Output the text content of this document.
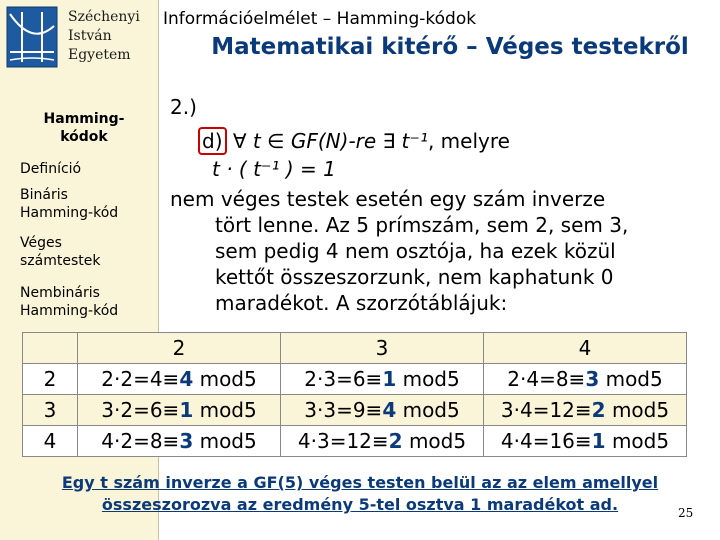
Széchenyi
István
Egyetem
Hamming-kódok
Definíció
Bináris Hamming-kód
Véges számtestek
Nembináris Hamming-kód
Információelmélet – Hamming-kódok
Matematikai kitérő – Véges testekről
2.)
d) ∀ t ∈ GF(N)-re ∃ t⁻¹, melyre
t · ( t⁻¹ ) = 1
nem véges testek esetén egy szám inverze
tört lenne. Az 5 prímszám, sem 2, sem 3,
sem pedig 4 nem osztója, ha ezek közül
kettőt összeszorzunk, nem kaphatunk 0
maradékot. A szorzótáblájuk:
	2	3	4
2	2·2=4≡4 mod5	2·3=6≡1 mod5	2·4=8≡3 mod5
3	3·2=6≡1 mod5	3·3=9≡4 mod5	3·4=12≡2 mod5
4	4·2=8≡3 mod5	4·3=12≡2 mod5	4·4=16≡1 mod5
Egy t szám inverze a GF(5) véges testen belül az az elem amellyel összeszorozva az eredmény 5-tel osztva 1 maradékot ad.	25
